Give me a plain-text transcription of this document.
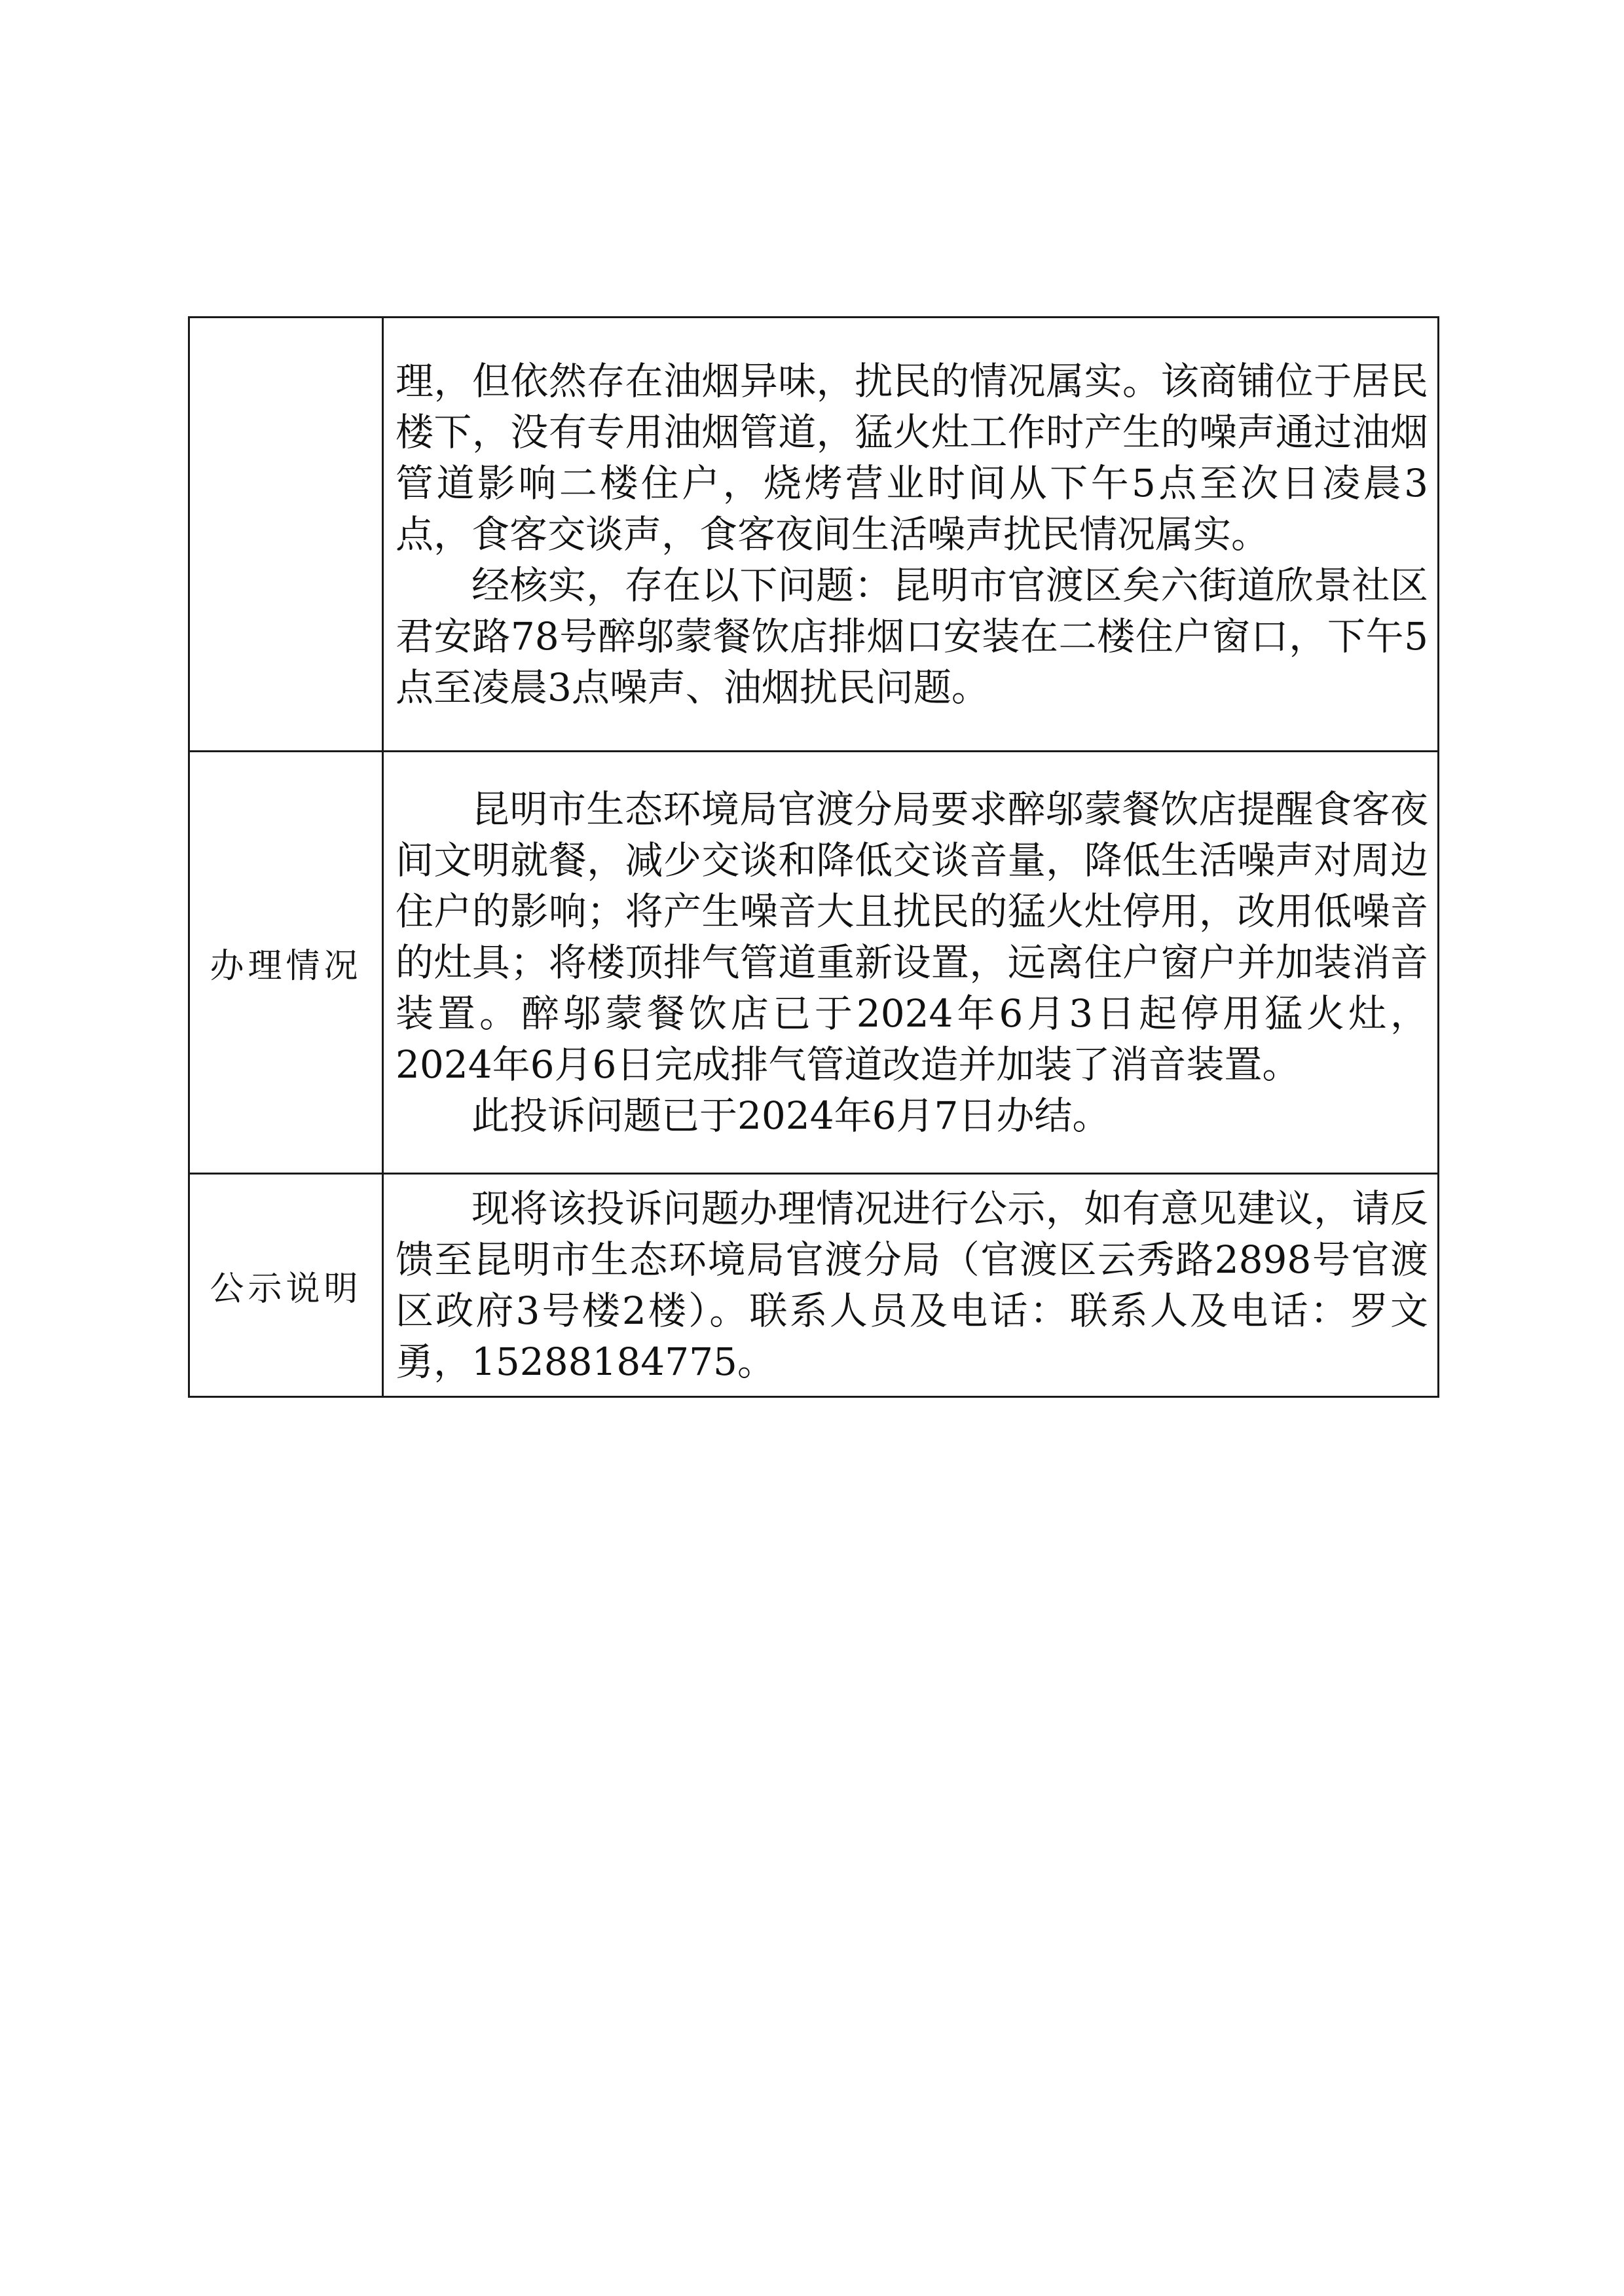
	理，但依然存在油烟异味，扰民的情况属实。该商铺位于居民楼下，没有专用油烟管道，猛火灶工作时产生的噪声通过油烟管道影响二楼住户，烧烤营业时间从下午5点至次日凌晨3点，食客交谈声，食客夜间生活噪声扰民情况属实。

经核实，存在以下问题：昆明市官渡区矣六街道欣景社区君安路78号醉邬蒙餐饮店排烟口安装在二楼住户窗口，下午5点至凌晨3点噪声、油烟扰民问题。

办理情况	昆明市生态环境局官渡分局要求醉邬蒙餐饮店提醒食客夜间文明就餐，减少交谈和降低交谈音量，降低生活噪声对周边住户的影响；将产生噪音大且扰民的猛火灶停用，改用低噪音的灶具；将楼顶排气管道重新设置，远离住户窗户并加装消音装置。醉邬蒙餐饮店已于2024年6月3日起停用猛火灶，2024年6月6日完成排气管道改造并加装了消音装置。

此投诉问题已于2024年6月7日办结。

公示说明	现将该投诉问题办理情况进行公示，如有意见建议，请反馈至昆明市生态环境局官渡分局（官渡区云秀路2898号官渡区政府3号楼2楼）。联系人员及电话：联系人及电话：罗文勇，15288184775。
